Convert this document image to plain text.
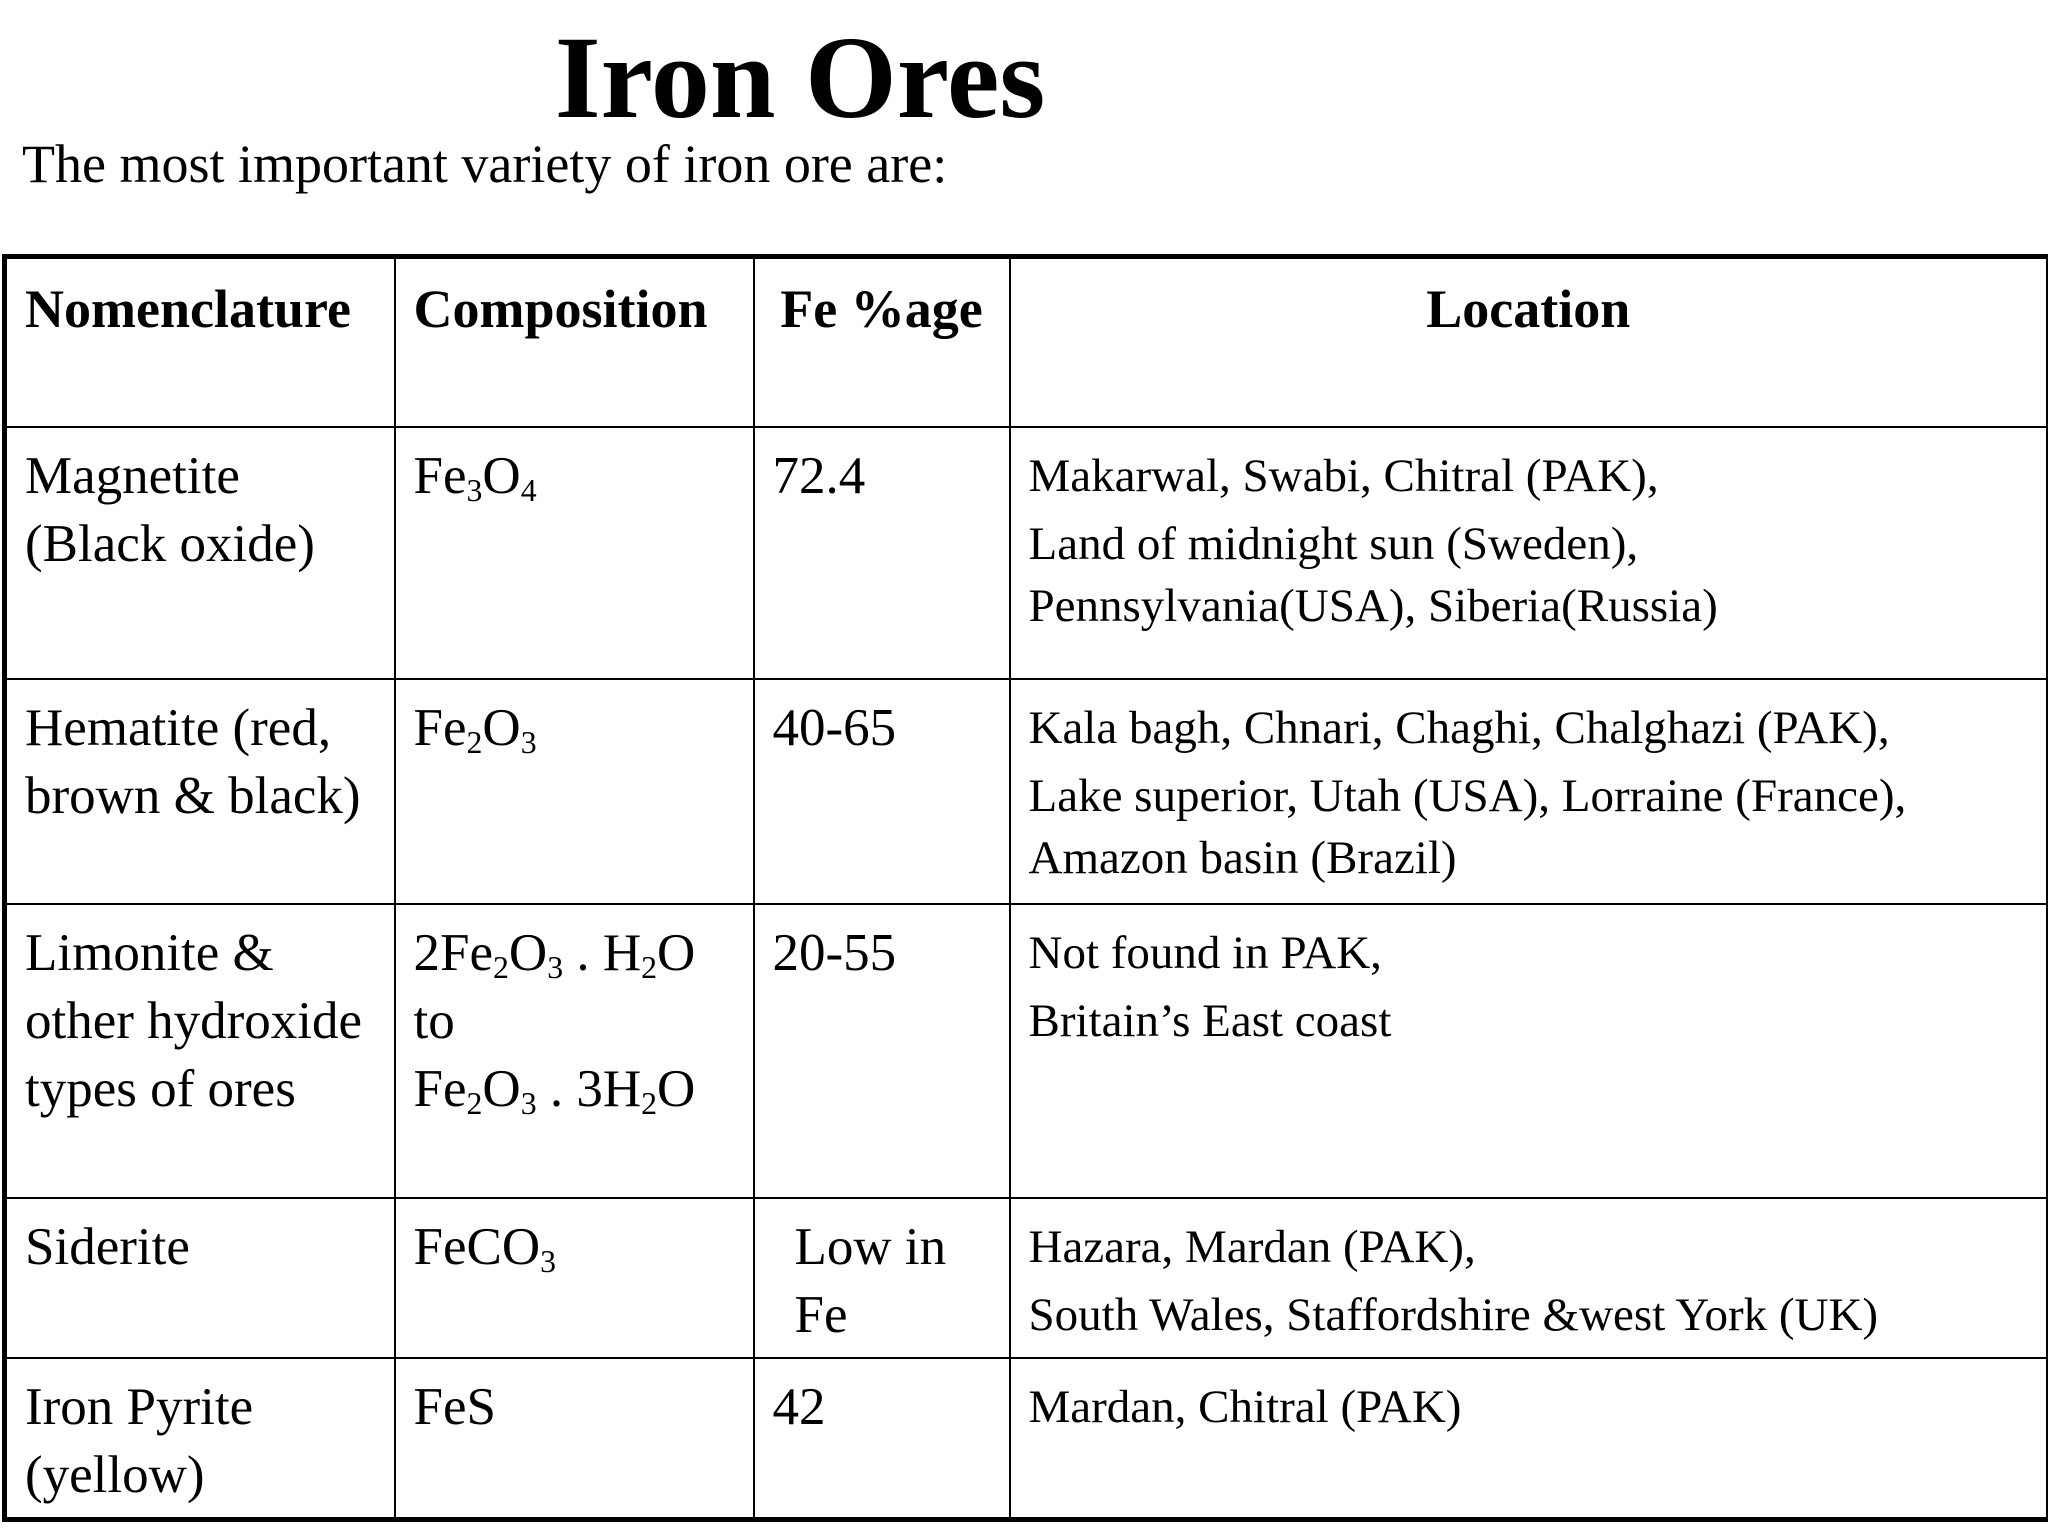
Iron Ores
The most important variety of iron ore are:
Nomenclature	Composition	Fe %age	Location
Magnetite (Black oxide)	$Fe_3O_4$	72.4	Makarwal, Swabi, Chitral (PAK),
Land of midnight sun (Sweden),
Pennsylvania(USA), Siberia(Russia)

Hematite (red, brown & black)	$Fe_2O_3$	40-65	Kala bagh, Chnari, Chaghi, Chalghazi (PAK),
Lake superior, Utah (USA), Lorraine (France),
Amazon basin (Brazil)

Limonite & other hydroxide types of ores	$2Fe_2O_3$ . $H_2O$
to
$Fe_2O_3$ . $3H_2O$	20-55	Not found in PAK,
Britain’s East coast

Siderite	FeCO$_3$	Low in Fe	Hazara, Mardan (PAK),
South Wales, Staffordshire &west York (UK)

Iron Pyrite (yellow)	FeS	42	Mardan, Chitral (PAK)
